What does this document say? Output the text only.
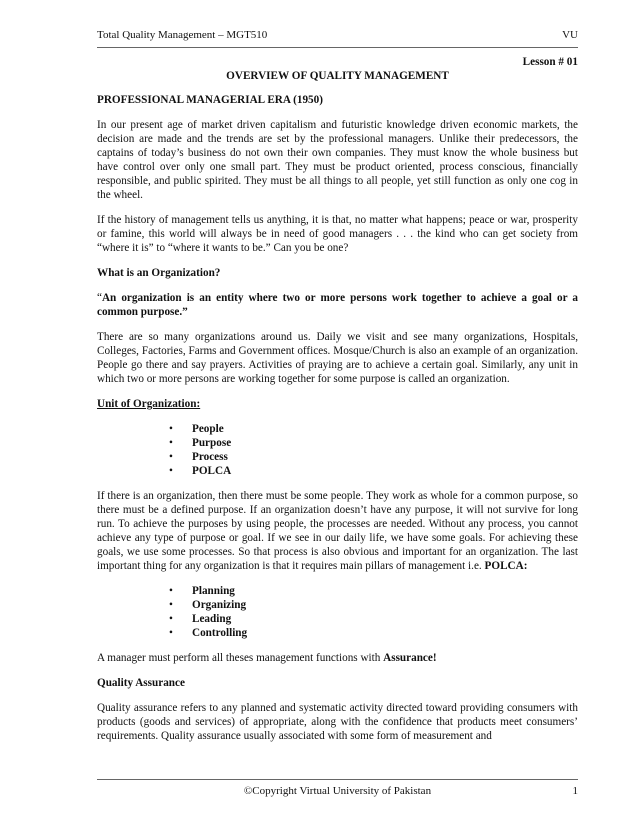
Total Quality Management – MGT510	VU

Lesson # 01

OVERVIEW OF QUALITY MANAGEMENT

PROFESSIONAL MANAGERIAL ERA (1950)

In our present age of market driven capitalism and futuristic knowledge driven economic markets, the decision are made and the trends are set by the professional managers. Unlike their predecessors, the captains of today’s business do not own their own companies. They must know the whole business but have control over only one small part. They must be product oriented, process conscious, financially responsible, and public spirited. They must be all things to all people, yet still function as only one cog in the wheel.

If the history of management tells us anything, it is that, no matter what happens; peace or war, prosperity or famine, this world will always be in need of good managers . . . the kind who can get society from “where it is” to “where it wants to be.” Can you be one?

What is an Organization?

“An organization is an entity where two or more persons work together to achieve a goal or a common purpose.”

There are so many organizations around us. Daily we visit and see many organizations, Hospitals, Colleges, Factories, Farms and Government offices. Mosque/Church is also an example of an organization. People go there and say prayers. Activities of praying are to achieve a certain goal. Similarly, any unit in which two or more persons are working together for some purpose is called an organization.

Unit of Organization:
• People
• Purpose
• Process
• POLCA

If there is an organization, then there must be some people. They work as whole for a common purpose, so there must be a defined purpose. If an organization doesn’t have any purpose, it will not survive for long run. To achieve the purposes by using people, the processes are needed. Without any process, you cannot achieve any type of purpose or goal. If we see in our daily life, we have some goals. For achieving these goals, we use some processes. So that process is also obvious and important for an organization. The last important thing for any organization is that it requires main pillars of management i.e. POLCA:

• Planning
• Organizing
• Leading
• Controlling

A manager must perform all theses management functions with Assurance!

Quality Assurance

Quality assurance refers to any planned and systematic activity directed toward providing consumers with products (goods and services) of appropriate, along with the confidence that products meet consumers’ requirements. Quality assurance usually associated with some form of measurement and

©Copyright Virtual University of Pakistan	1
